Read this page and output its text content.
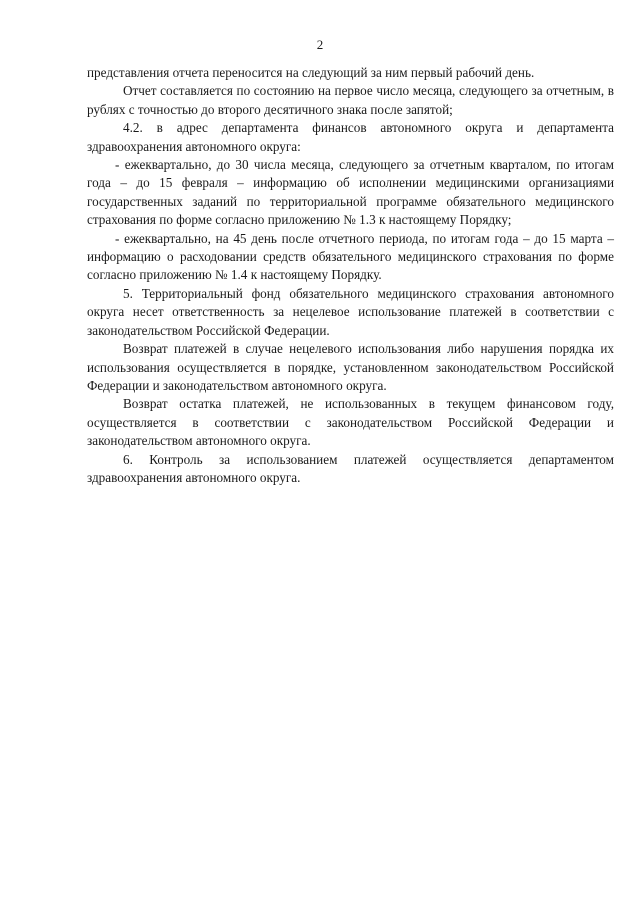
2

представления отчета переносится на следующий за ним первый рабочий день.

Отчет составляется по состоянию на первое число месяца, следующего за отчетным, в рублях с точностью до второго десятичного знака после запятой;

4.2. в адрес департамента финансов автономного округа и департамента здравоохранения автономного округа:

- ежеквартально, до 30 числа месяца, следующего за отчетным кварталом, по итогам года – до 15 февраля – информацию об исполнении медицинскими организациями государственных заданий по территориальной программе обязательного медицинского страхования по форме согласно приложению № 1.3 к настоящему Порядку;

- ежеквартально, на 45 день после отчетного периода, по итогам года – до 15 марта – информацию о расходовании средств обязательного медицинского страхования по форме согласно приложению № 1.4 к настоящему Порядку.

5. Территориальный фонд обязательного медицинского страхования автономного округа несет ответственность за нецелевое использование платежей в соответствии с законодательством Российской Федерации.

Возврат платежей в случае нецелевого использования либо нарушения порядка их использования осуществляется в порядке, установленном законодательством Российской Федерации и законодательством автономного округа.

Возврат остатка платежей, не использованных в текущем финансовом году, осуществляется в соответствии с законодательством Российской Федерации и законодательством автономного округа.

6. Контроль за использованием платежей осуществляется департаментом здравоохранения автономного округа.
